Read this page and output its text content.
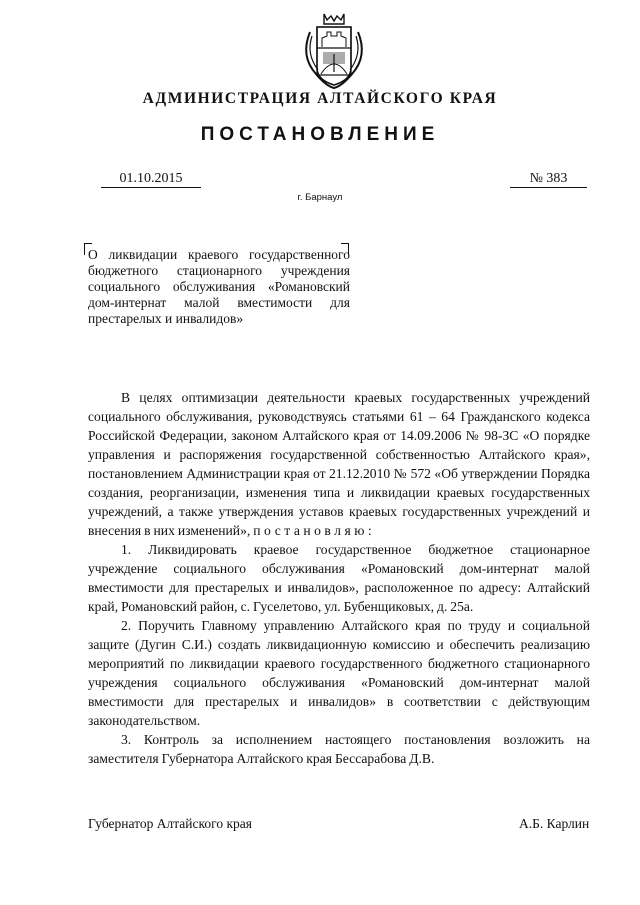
АДМИНИСТРАЦИЯ АЛТАЙСКОГО КРАЯ
ПОСТАНОВЛЕНИЕ
01.10.2015	№ 383
г. Барнаул
О ликвидации краевого государственного бюджетного стационарного учреждения социального обслуживания «Романовский дом-интернат малой вместимости для престарелых и инвалидов»

В целях оптимизации деятельности краевых государственных учреждений социального обслуживания, руководствуясь статьями 61 – 64 Гражданского кодекса Российской Федерации, законом Алтайского края от 14.09.2006 № 98-ЗС «О порядке управления и распоряжения государственной собственностью Алтайского края», постановлением Администрации края от 21.12.2010 № 572 «Об утверждении Порядка создания, реорганизации, изменения типа и ликвидации краевых государственных учреждений, а также утверждения уставов краевых государственных учреждений и внесения в них изменений», постановляю:

1. Ликвидировать краевое государственное бюджетное стационарное учреждение социального обслуживания «Романовский дом-интернат малой вместимости для престарелых и инвалидов», расположенное по адресу: Алтайский край, Романовский район, с. Гуселетово, ул. Бубенщиковых, д. 25а.

2. Поручить Главному управлению Алтайского края по труду и социальной защите (Дугин С.И.) создать ликвидационную комиссию и обеспечить реализацию мероприятий по ликвидации краевого государственного бюджетного стационарного учреждения социального обслуживания «Романовский дом-интернат малой вместимости для престарелых и инвалидов» в соответствии с действующим законодательством.

3. Контроль за исполнением настоящего постановления возложить на заместителя Губернатора Алтайского края Бессарабова Д.В.

Губернатор Алтайского края	А.Б. Карлин
